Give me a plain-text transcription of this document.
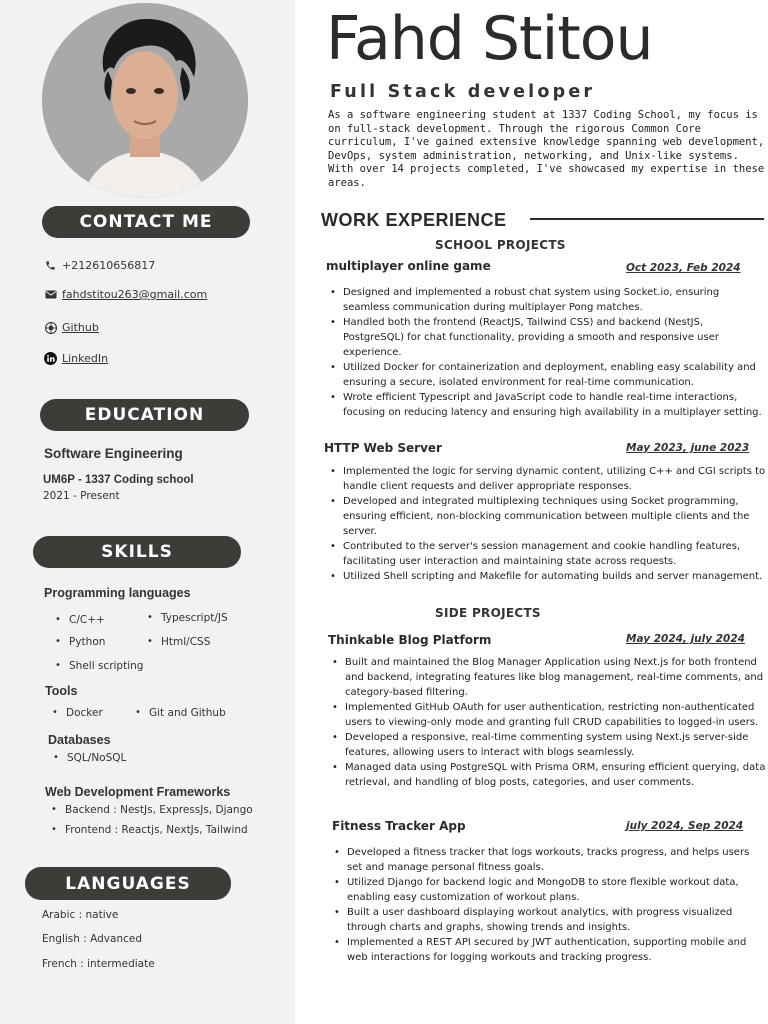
CONTACT ME
+212610656817
fahdstitou263@gmail.com
Github
LinkedIn
EDUCATION
Software Engineering
UM6P - 1337 Coding school
2021 - Present
SKILLS
Programming languages
• C/C++	• Typescript/JS
• Python	• Html/CSS
• Shell scripting
Tools
• Docker	• Git and Github
Databases
• SQL/NoSQL
Web Development Frameworks
• Backend : NestJs, ExpressJs, Django
• Frontend : Reactjs, NextJs, Tailwind
LANGUAGES
Arabic : native
English : Advanced
French : intermediate
Fahd Stitou
Full Stack developer
As a software engineering student at 1337 Coding School, my focus is on full-stack development. Through the rigorous Common Core curriculum, I've gained extensive knowledge spanning web development, DevOps, system administration, networking, and Unix-like systems. With over 14 projects completed, I've showcased my expertise in these areas.
WORK EXPERIENCE
SCHOOL PROJECTS
multiplayer online game	Oct 2023, Feb 2024
• Designed and implemented a robust chat system using Socket.io, ensuring seamless communication during multiplayer Pong matches.
• Handled both the frontend (ReactJS, Tailwind CSS) and backend (NestJS, PostgreSQL) for chat functionality, providing a smooth and responsive user experience.
• Utilized Docker for containerization and deployment, enabling easy scalability and ensuring a secure, isolated environment for real-time communication.
• Wrote efficient Typescript and JavaScript code to handle real-time interactions, focusing on reducing latency and ensuring high availability in a multiplayer setting.
HTTP Web Server	May 2023, june 2023
• Implemented the logic for serving dynamic content, utilizing C++ and CGI scripts to handle client requests and deliver appropriate responses.
• Developed and integrated multiplexing techniques using Socket programming, ensuring efficient, non-blocking communication between multiple clients and the server.
• Contributed to the server's session management and cookie handling features, facilitating user interaction and maintaining state across requests.
• Utilized Shell scripting and Makefile for automating builds and server management.
SIDE PROJECTS
Thinkable Blog Platform	May 2024, july 2024
• Built and maintained the Blog Manager Application using Next.js for both frontend and backend, integrating features like blog management, real-time comments, and category-based filtering.
• Implemented GitHub OAuth for user authentication, restricting non-authenticated users to viewing-only mode and granting full CRUD capabilities to logged-in users.
• Developed a responsive, real-time commenting system using Next.js server-side features, allowing users to interact with blogs seamlessly.
• Managed data using PostgreSQL with Prisma ORM, ensuring efficient querying, data retrieval, and handling of blog posts, categories, and user comments.
Fitness Tracker App	july 2024, Sep 2024
• Developed a fitness tracker that logs workouts, tracks progress, and helps users set and manage personal fitness goals.
• Utilized Django for backend logic and MongoDB to store flexible workout data, enabling easy customization of workout plans.
• Built a user dashboard displaying workout analytics, with progress visualized through charts and graphs, showing trends and insights.
• Implemented a REST API secured by JWT authentication, supporting mobile and web interactions for logging workouts and tracking progress.
